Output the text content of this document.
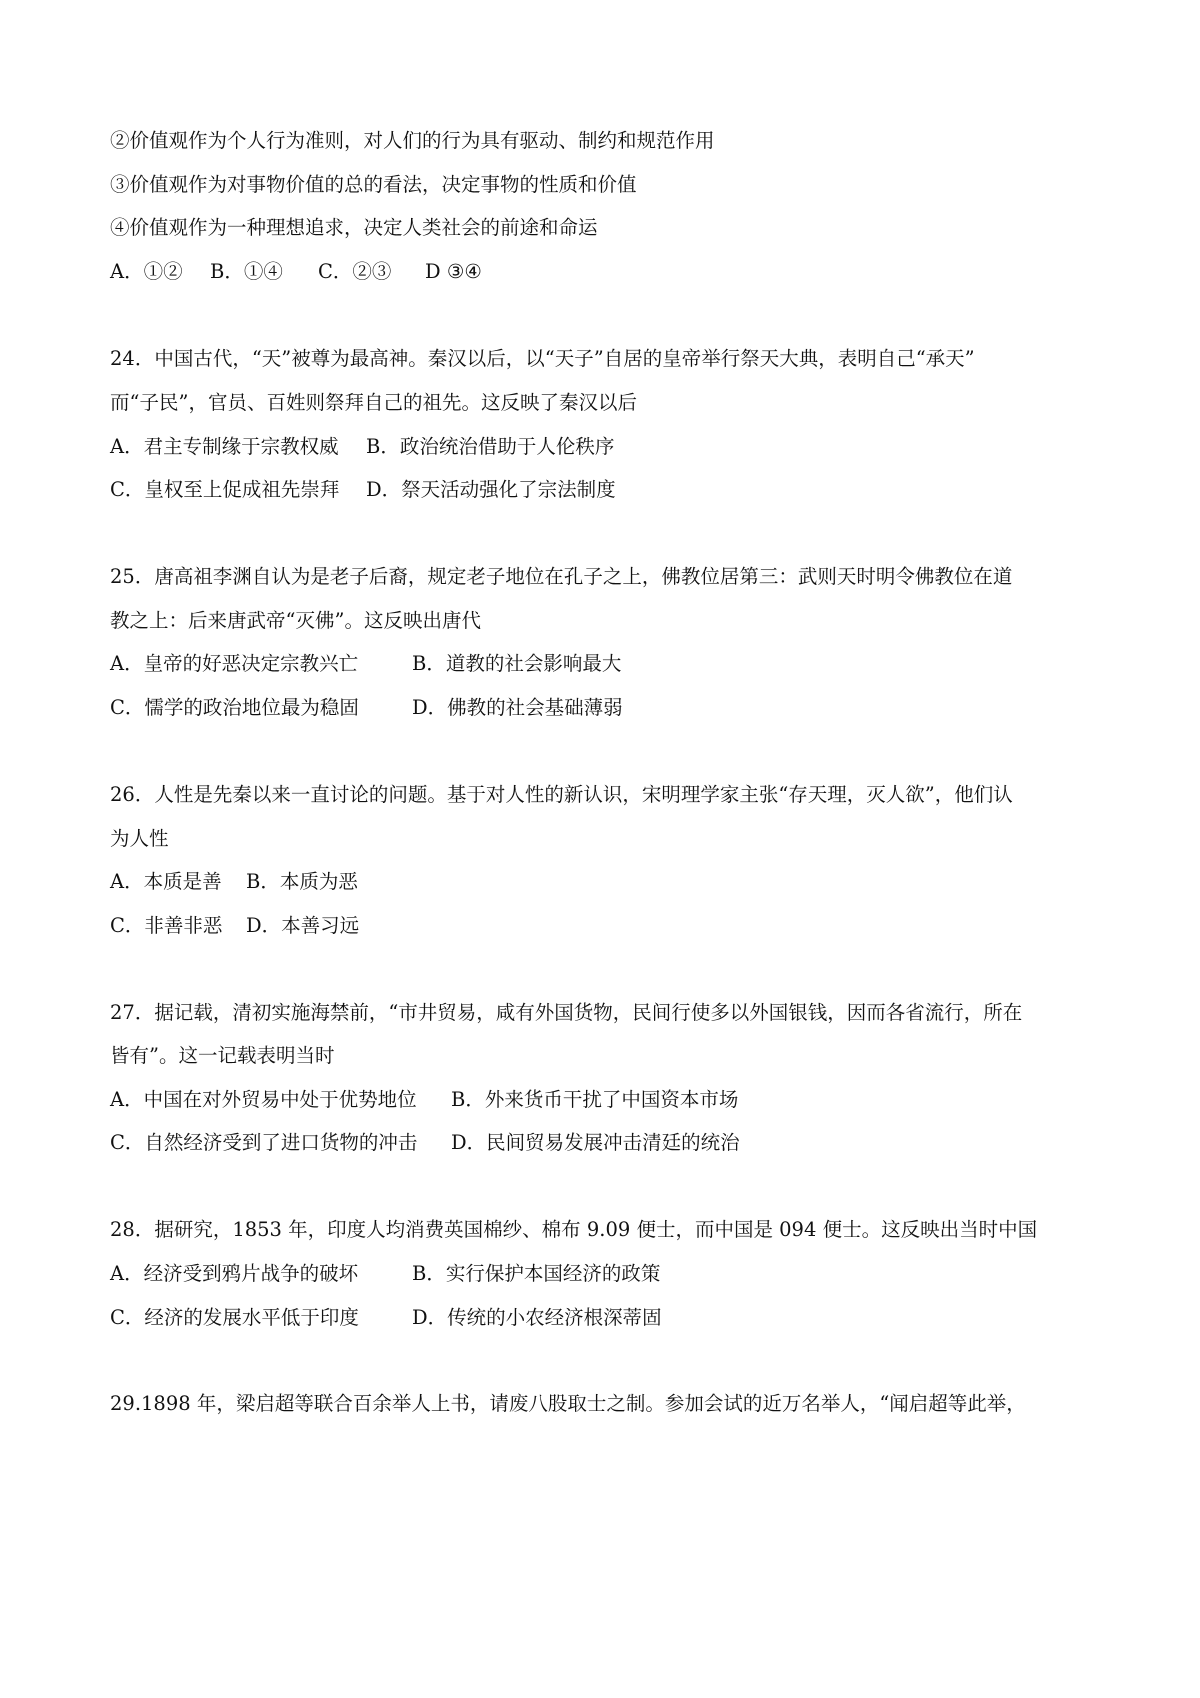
②价值观作为个人行为准则，对人们的行为具有驱动、制约和规范作用
③价值观作为对事物价值的总的看法，决定事物的性质和价值
④价值观作为一种理想追求，决定人类社会的前途和命运
A．①② B．①④ C．②③ D ③④
24．中国古代，“天”被尊为最高神。秦汉以后，以“天子”自居的皇帝举行祭天大典，表明自己“承天”
而“子民”，官员、百姓则祭拜自己的祖先。这反映了秦汉以后
A．君主专制缘于宗教权威 B．政治统治借助于人伦秩序
C．皇权至上促成祖先崇拜 D．祭天活动强化了宗法制度
25．唐高祖李渊自认为是老子后裔，规定老子地位在孔子之上，佛教位居第三：武则天时明令佛教位在道
教之上：后来唐武帝“灭佛”。这反映出唐代
A．皇帝的好恶决定宗教兴亡	B．道教的社会影响最大
C．懦学的政治地位最为稳固	D．佛教的社会基础薄弱
26．人性是先秦以来一直讨论的问题。基于对人性的新认识，宋明理学家主张“存天理，灭人欲”，他们认
为人性
A．本质是善 B．本质为恶
C．非善非恶 D．本善习远
27．据记载，清初实施海禁前，“市井贸易，咸有外国货物，民间行使多以外国银钱，因而各省流行，所在
皆有”。这一记载表明当时
A．中国在对外贸易中处于优势地位 B．外来货币干扰了中国资本市场
C．自然经济受到了进口货物的冲击 D．民间贸易发展冲击清廷的统治
28．据研究，1853 年，印度人均消费英国棉纱、棉布 9.09 便士，而中国是 094 便士。这反映出当时中国
A．经济受到鸦片战争的破坏	B．实行保护本国经济的政策
C．经济的发展水平低于印度	D．传统的小农经济根深蒂固
29.1898 年，梁启超等联合百余举人上书，请废八股取士之制。参加会试的近万名举人，“闻启超等此举，
